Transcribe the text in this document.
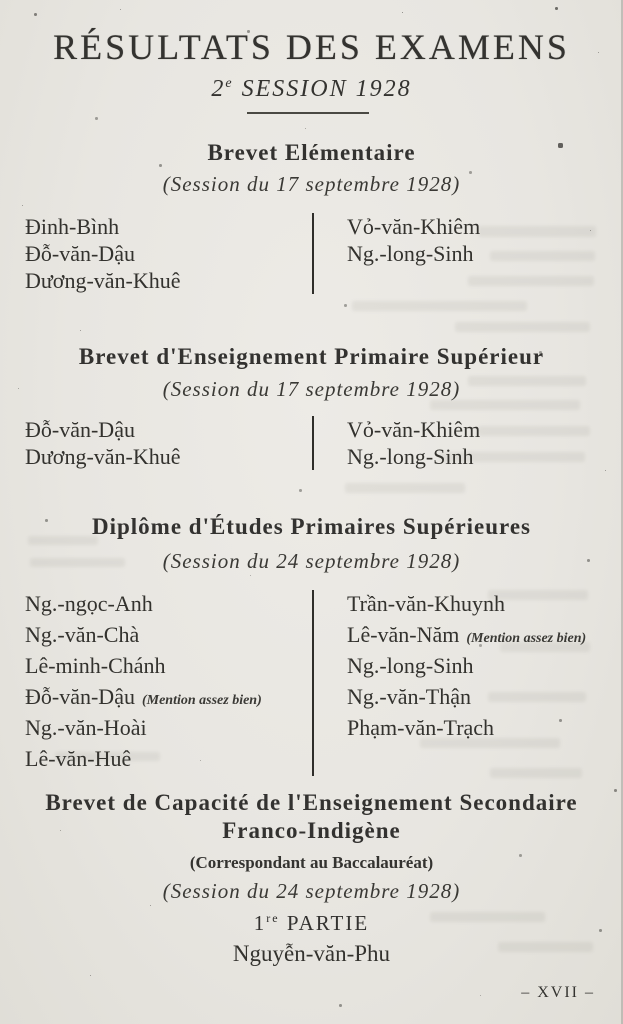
RÉSULTATS DES EXAMENS
2e SESSION 1928
Brevet Elémentaire
(Session du 17 septembre 1928)
Đinh-Bình
Đỗ-văn-Dậu
Dương-văn-Khuê
Vỏ-văn-Khiêm
Ng.-long-Sinh
Brevet d'Enseignement Primaire Supérieur
(Session du 17 septembre 1928)
Đỗ-văn-Dậu
Dương-văn-Khuê
Vỏ-văn-Khiêm
Ng.-long-Sinh
Diplôme d'Études Primaires Supérieures
(Session du 24 septembre 1928)
Ng.-ngọc-Anh
Ng.-văn-Chà
Lê-minh-Chánh
Đỗ-văn-Dậu (Mention assez bien)
Ng.-văn-Hoài
Lê-văn-Huê
Trần-văn-Khuynh
Lê-văn-Năm (Mention assez bien)
Ng.-long-Sinh
Ng.-văn-Thận
Phạm-văn-Trạch
Brevet de Capacité de l'Enseignement Secondaire
Franco-Indigène
(Correspondant au Baccalauréat)
(Session du 24 septembre 1928)
1re PARTIE
Nguyễn-văn-Phu
– XVII –
